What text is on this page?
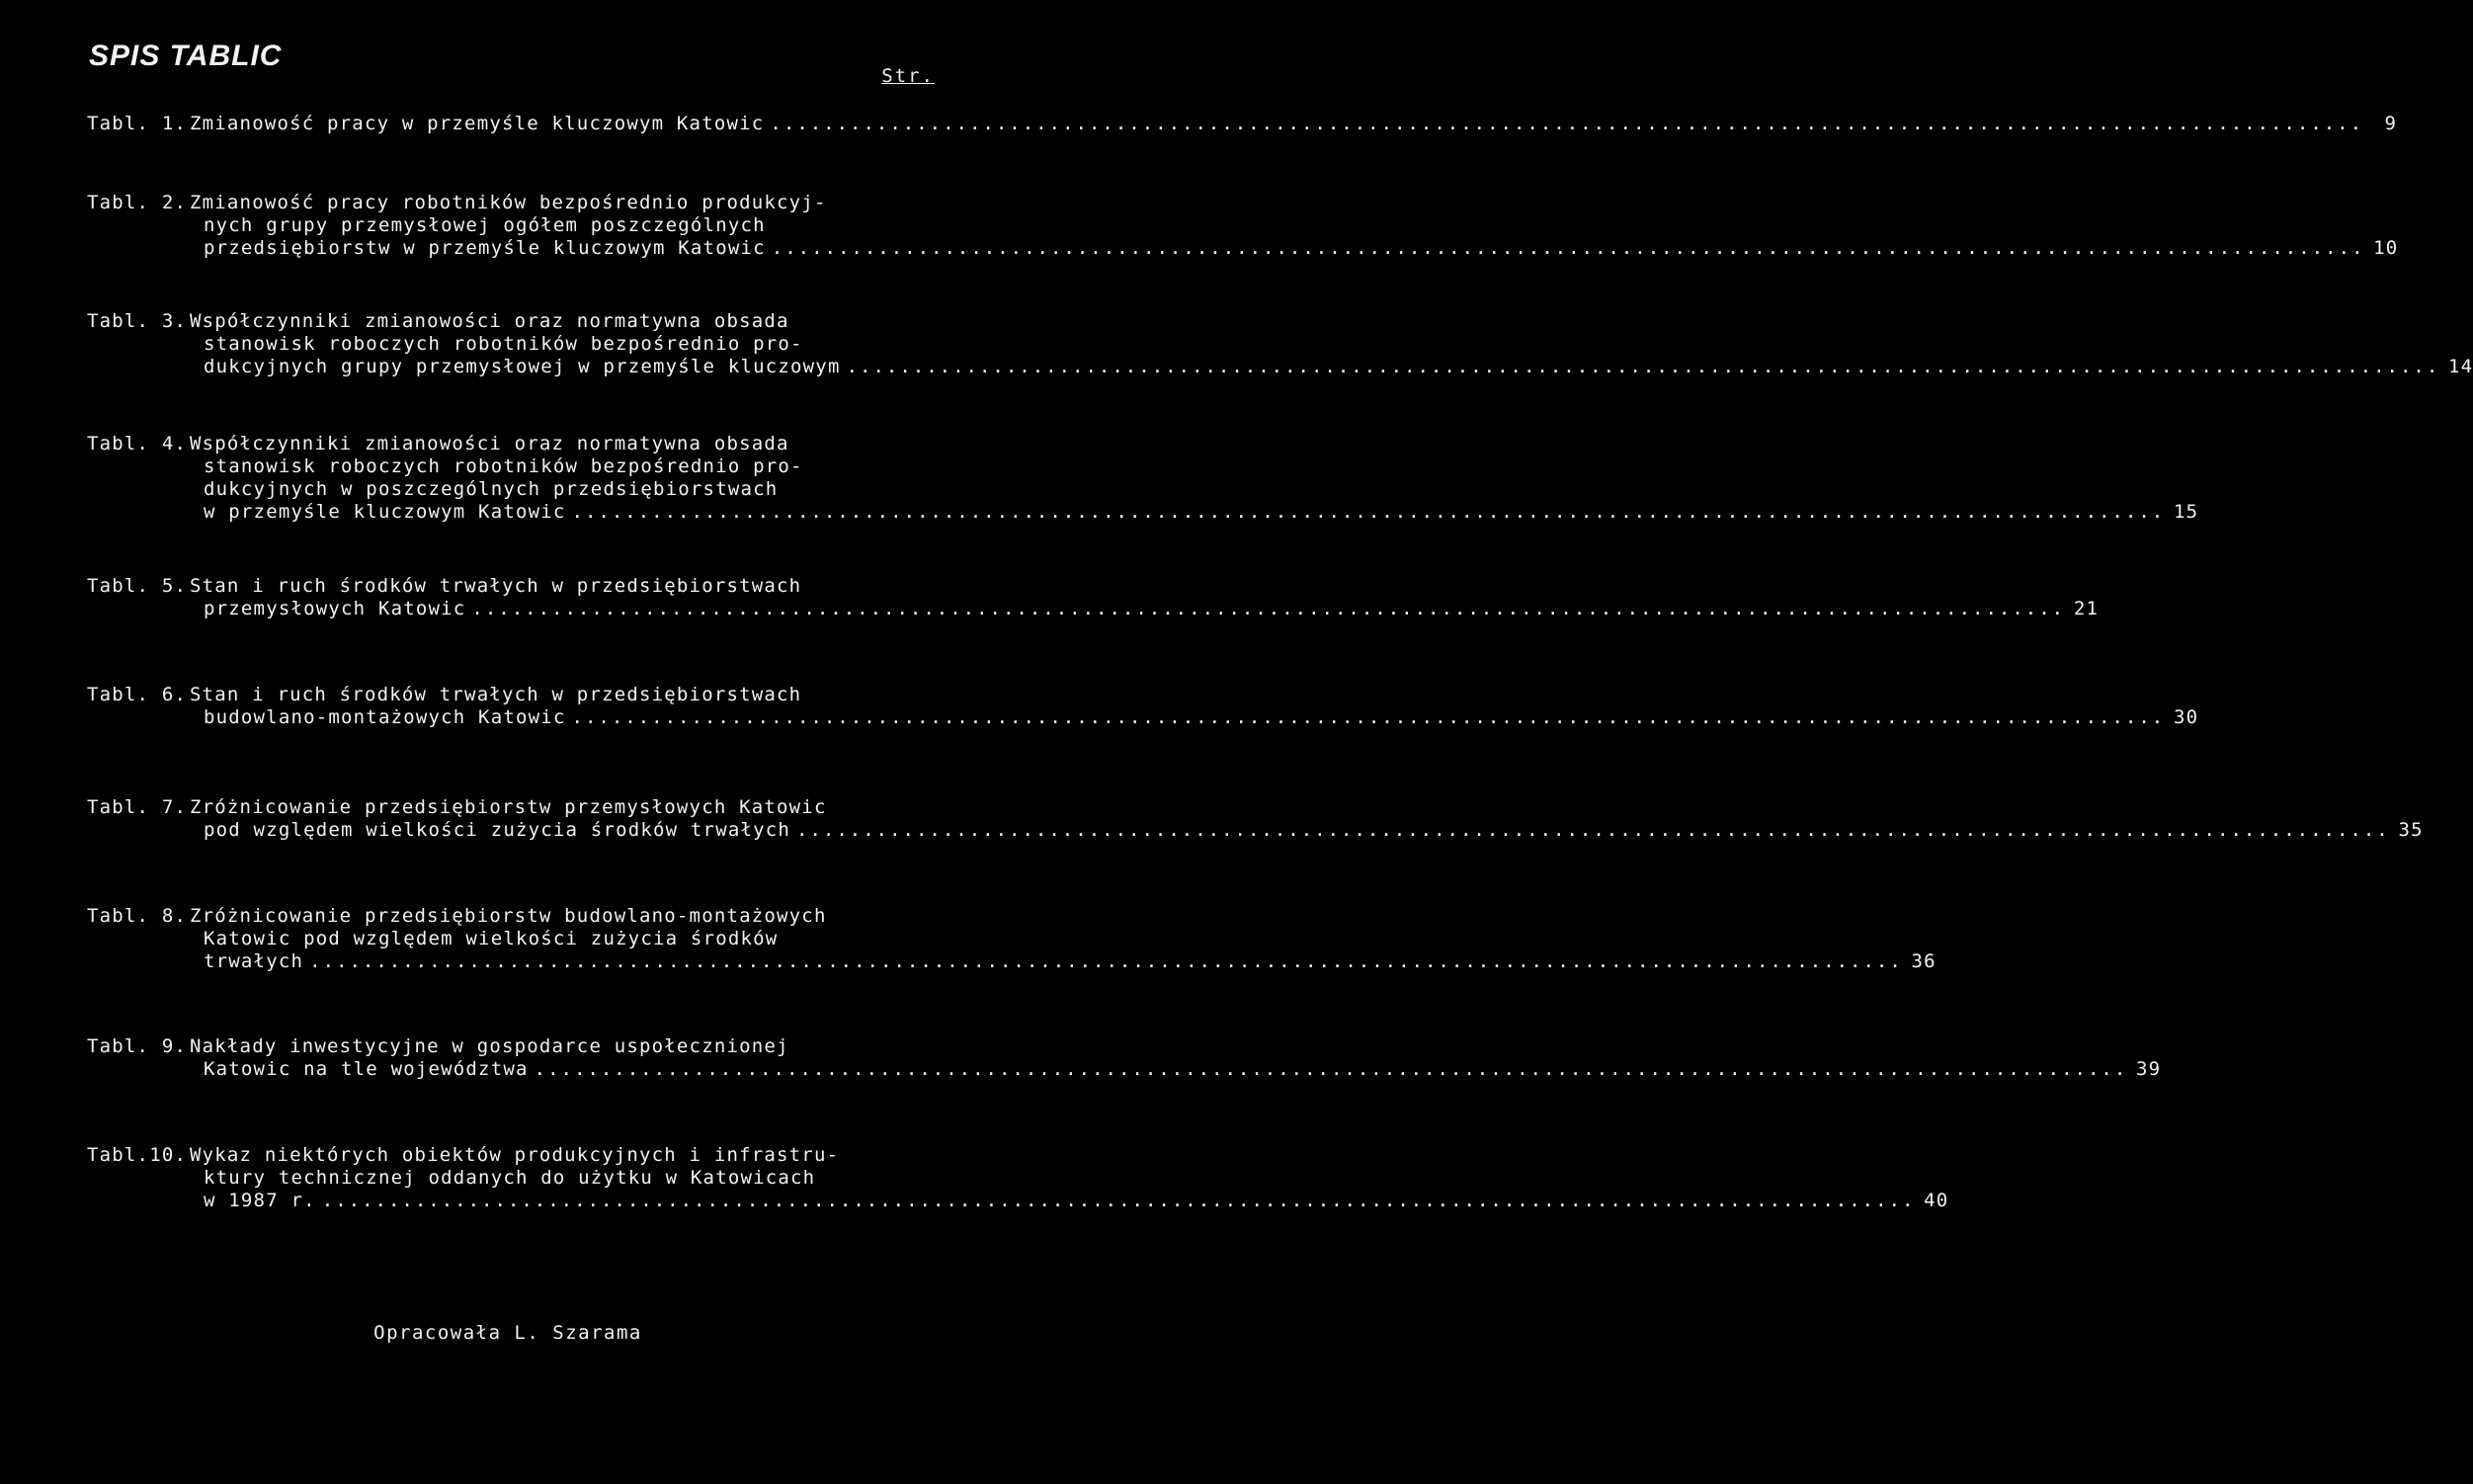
SPIS TABLIC
Str.
Tabl. 1. Zmianowość pracy w przemyśle kluczowym Katowic ........................................................................................................................	9
Tabl. 2. Zmianowość pracy robotników bezpośrednio produkcyj-
nych grupy przemysłowej ogółem poszczególnych
przedsiębiorstw w przemyśle kluczowym Katowic ........................................................................................................................ 10
Tabl. 3. Współczynniki zmianowości oraz normatywna obsada
stanowisk roboczych robotników bezpośrednio pro-
dukcyjnych grupy przemysłowej w przemyśle kluczowym ........................................................................................................................ 14
Tabl. 4. Współczynniki zmianowości oraz normatywna obsada
stanowisk roboczych robotników bezpośrednio pro-
dukcyjnych w poszczególnych przedsiębiorstwach
w przemyśle kluczowym Katowic ........................................................................................................................ 15
Tabl. 5. Stan i ruch środków trwałych w przedsiębiorstwach
przemysłowych Katowic ........................................................................................................................ 21
Tabl. 6. Stan i ruch środków trwałych w przedsiębiorstwach
budowlano-montażowych Katowic ........................................................................................................................ 30
Tabl. 7. Zróżnicowanie przedsiębiorstw przemysłowych Katowic
pod względem wielkości zużycia środków trwałych ........................................................................................................................ 35
Tabl. 8. Zróżnicowanie przedsiębiorstw budowlano-montażowych
Katowic pod względem wielkości zużycia środków
trwałych ........................................................................................................................ 36
Tabl. 9. Nakłady inwestycyjne w gospodarce uspołecznionej
Katowic na tle województwa ........................................................................................................................ 39
Tabl.10. Wykaz niektórych obiektów produkcyjnych i infrastru-
ktury technicznej oddanych do użytku w Katowicach
w 1987 r. ........................................................................................................................ 40
Opracowała L. Szarama
